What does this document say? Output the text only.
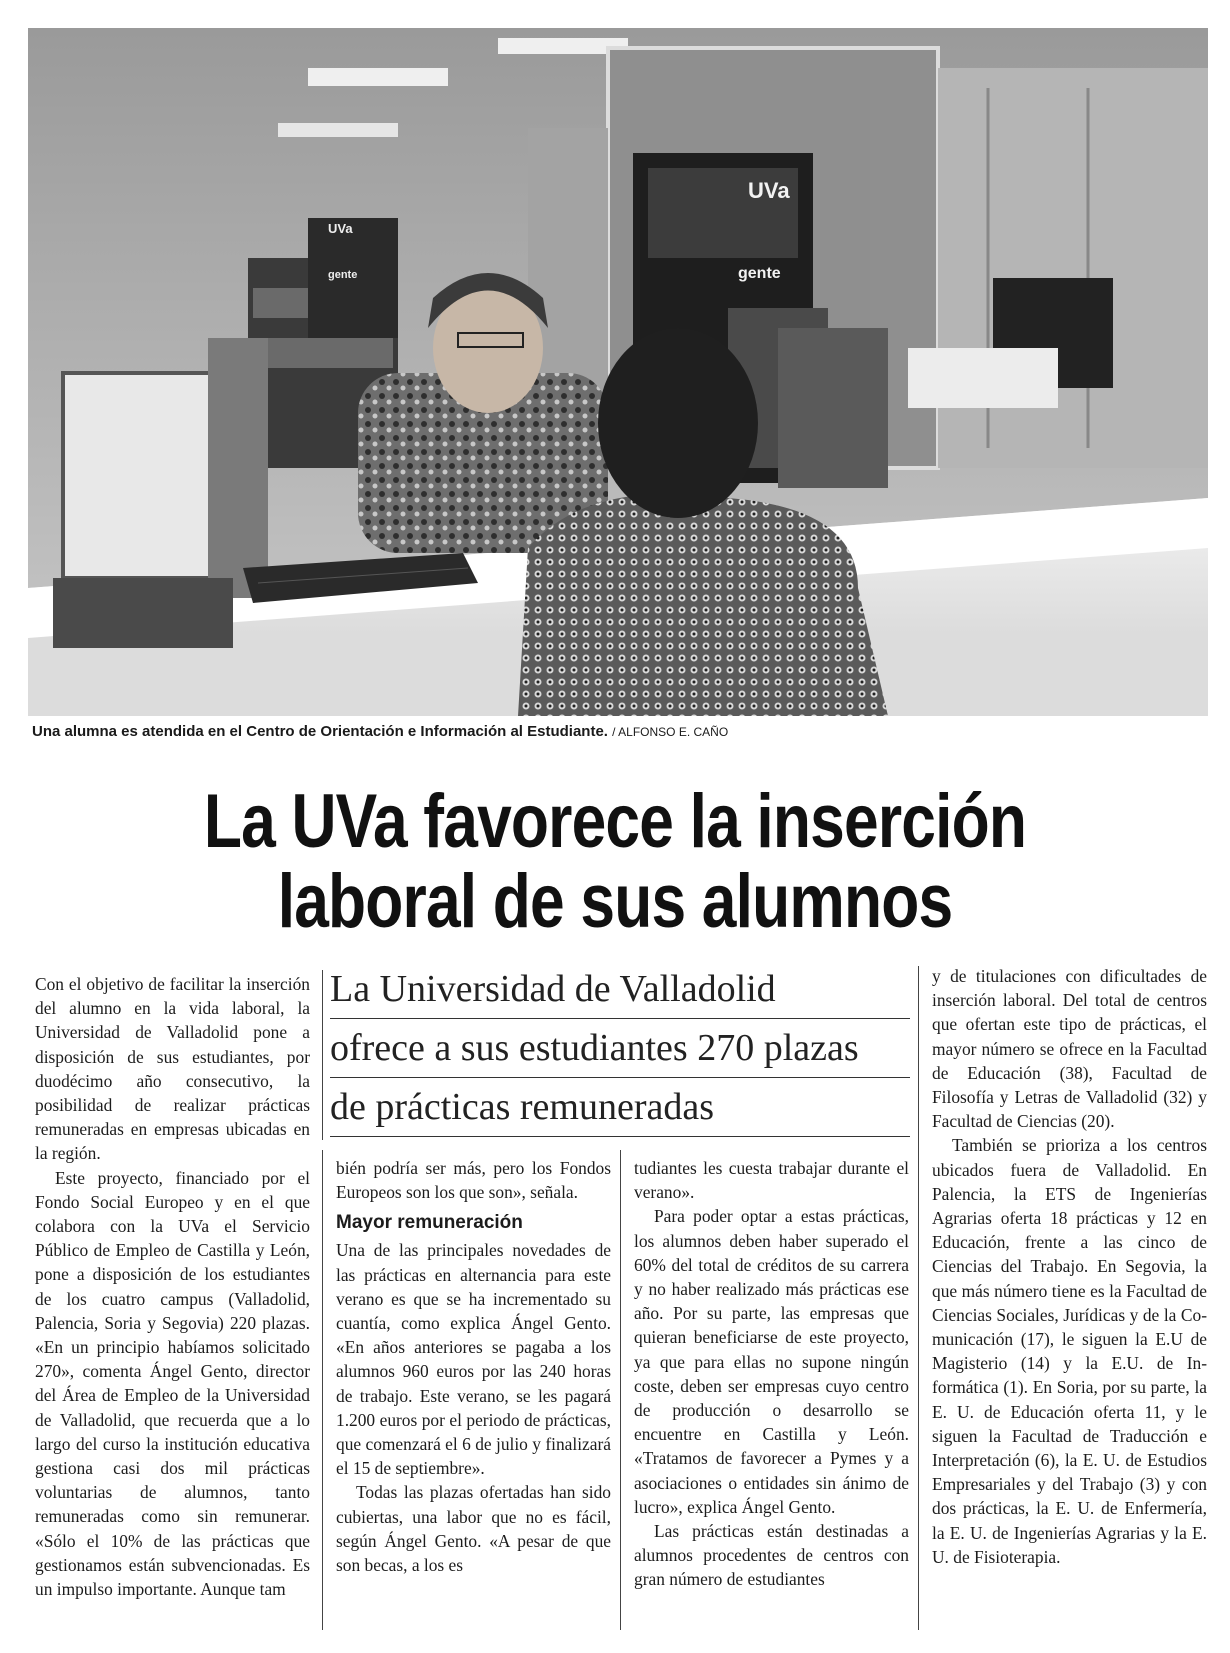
UVa
gente
UVa
gente
Una alumna es atendida en el Centro de Orientación e Información al Estudiante. / ALFONSO E. CAÑO
La UVa favorece la inserción
laboral de sus alumnos
La Universidad de Valladolid
ofrece a sus estudiantes 270 plazas
de prácticas remuneradas

Con el objetivo de facilitar la inserción del alumno en la vida laboral, la Universidad de Valladolid pone a disposición de sus estudiantes, por duodécimo año consecutivo, la posibilidad de realizar prácticas remuneradas en empresas ubicadas en la región.

Este proyecto, financiado por el Fondo Social Europeo y en el que colabora con la UVa el Servicio Público de Empleo de Castilla y León, pone a disposición de los estudiantes de los cuatro campus (Valladolid, Palencia, Soria y Segovia) 220 plazas. «En un principio habíamos solicitado 270», comenta Ángel Gento, director del Área de Empleo de la Universidad de Valladolid, que recuerda que a lo largo del curso la institución educativa gestiona casi dos mil prácticas voluntarias de alumnos, tanto remuneradas como sin remunerar. «Sólo el 10% de las prácticas que gestionamos están subvencionadas. Es un impulso importante. Aunque tam

bién podría ser más, pero los Fondos Europeos son los que son», señala.

Mayor remuneración

Una de las principales novedades de las prácticas en alternancia para este verano es que se ha incrementado su cuantía, como explica Ángel Gento. «En años anteriores se pagaba a los alumnos 960 euros por las 240 horas de trabajo. Este verano, se les pagará 1.200 euros por el periodo de prácticas, que comenzará el 6 de julio y finalizará el 15 de septiembre».

Todas las plazas ofertadas han sido cubiertas, una labor que no es fácil, según Ángel Gento. «A pesar de que son becas, a los es

tudiantes les cuesta trabajar durante el verano».

Para poder optar a estas prácticas, los alumnos deben haber superado el 60% del total de créditos de su carrera y no haber realizado más prácticas ese año. Por su parte, las empresas que quieran beneficiarse de este proyecto, ya que para ellas no supone ningún coste, deben ser empresas cuyo centro de producción o desarrollo se encuentre en Castilla y León. «Tratamos de favorecer a Pymes y a asociaciones o entidades sin ánimo de lucro», explica Ángel Gento.

Las prácticas están destinadas a alumnos procedentes de centros con gran número de estudiantes

y de titulaciones con dificultades de inserción laboral. Del total de centros que ofertan este tipo de prácticas, el mayor número se ofrece en la Facultad de Educación (38), Facultad de Filosofía y Letras de Valladolid (32) y Facultad de Ciencias (20).

También se prioriza a los centros ubicados fuera de Valladolid. En Palencia, la ETS de Ingenierías Agrarias oferta 18 prácticas y 12 en Educación, frente a las cinco de Ciencias del Trabajo. En Segovia, la que más número tiene es la Facultad de Ciencias Sociales, Jurídicas y de la Comunicación (17), le siguen la E.U de Magisterio (14) y la E.U. de Informática (1). En Soria, por su parte, la E. U. de Educación oferta 11, y le siguen la Facultad de Traducción e Interpretación (6), la E. U. de Estudios Empresariales y del Trabajo (3) y con dos prácticas, la E. U. de Enfermería, la E. U. de Ingenierías Agrarias y la E. U. de Fisioterapia.
